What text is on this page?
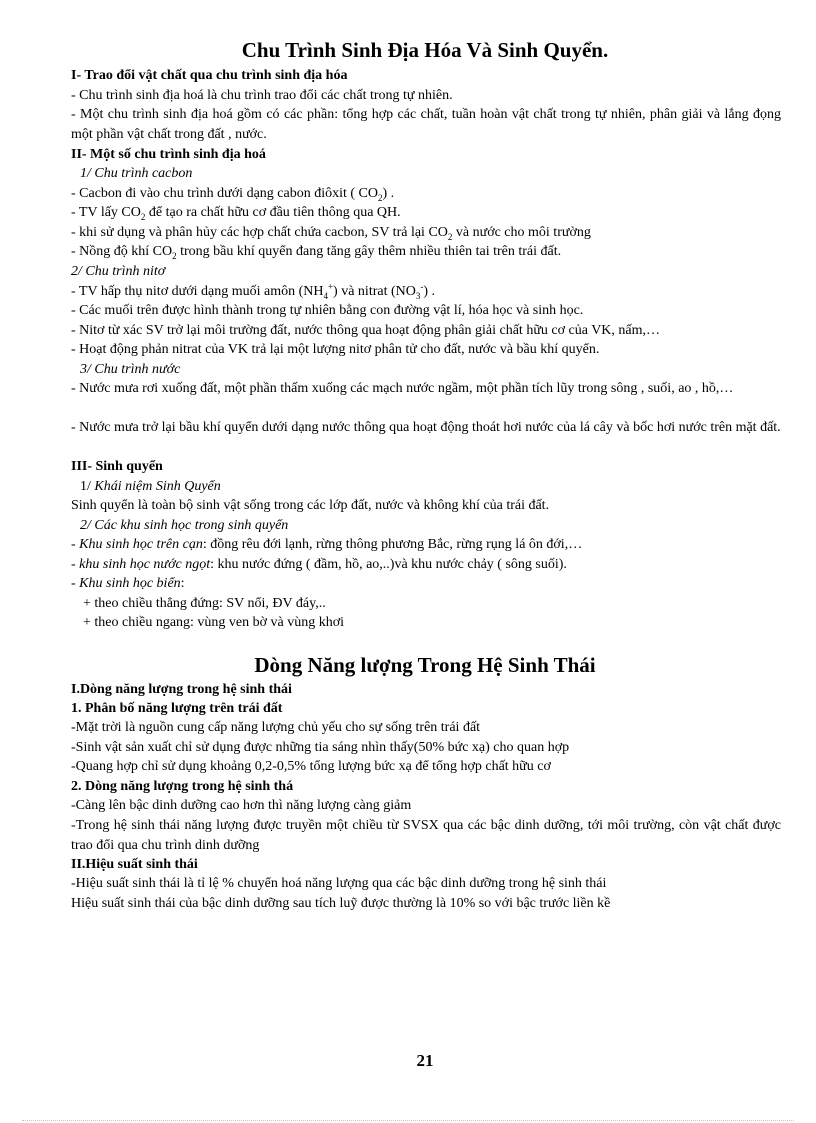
Chu Trình Sinh Địa Hóa Và Sinh Quyển.

I- Trao đổi vật chất qua chu trình sinh địa hóa

- Chu trình sinh địa hoá là chu trình trao đổi các chất trong tự nhiên.

- Một chu trình sinh địa hoá gồm có các phần: tổng hợp các chất, tuần hoàn vật chất trong tự nhiên, phân giải và lắng đọng một phần vật chất trong đất , nước.

II- Một số chu trình sinh địa hoá

1/ Chu trình cacbon

- Cacbon đi vào chu trình dưới dạng cabon điôxit ( $CO_2$) .

- TV lấy $CO_2$ để tạo ra chất hữu cơ đầu tiên thông qua QH.

- khi sử dụng và phân hủy các hợp chất chứa cacbon, SV trả lại $CO_2$ và nước cho môi trường

- Nồng độ khí $CO_2$ trong bầu khí quyển đang tăng gây thêm nhiều thiên tai trên trái đất.

2/ Chu trình nitơ

- TV hấp thụ nitơ dưới dạng muối amôn $(NH_4^+)$ và nitrat $(NO_3^-)$ .

- Các muối trên được hình thành trong tự nhiên bằng con đường vật lí, hóa học và sinh học.

- Nitơ từ xác SV trở lại môi trường đất, nước thông qua hoạt động phân giải chất hữu cơ của VK, nấm,…

- Hoạt động phản nitrat của VK trả lại một lượng nitơ phân tử cho đất, nước và bầu khí quyển.

3/ Chu trình nước

- Nước mưa rơi xuống đất, một phần thấm xuống các mạch nước ngầm, một phần tích lũy trong sông , suối, ao , hồ,…

- Nước mưa trở lại bầu khí quyển dưới dạng nước thông qua hoạt động thoát hơi nước của lá cây và bốc hơi nước trên mặt đất.

III- Sinh quyển

1/ Khái niệm Sinh Quyển

Sinh quyển là toàn bộ sinh vật sống trong các lớp đất, nước và không khí của trái đất.

2/ Các khu sinh học trong sinh quyển

- Khu sinh học trên cạn: đồng rêu đới lạnh, rừng thông phương Bắc, rừng rụng lá ôn đới,…

- khu sinh học nước ngọt: khu nước đứng ( đầm, hồ, ao,..)và khu nước chảy ( sông suối).

- Khu sinh học biển:

+ theo chiều thẳng đứng: SV nổi, ĐV đáy,..

+ theo chiều ngang: vùng ven bờ và vùng khơi

Dòng Năng lượng Trong Hệ Sinh Thái

I.Dòng năng lượng trong hệ sinh thái

1. Phân bố năng lượng trên trái đất

-Mặt trời là nguồn cung cấp năng lượng chủ yếu cho sự sống trên trái đất

-Sinh vật sản xuất chỉ sử dụng được những tia sáng nhìn thấy(50% bức xạ) cho quan hợp

-Quang hợp chỉ sử dụng khoảng 0,2-0,5% tổng lượng bức xạ để tổng hợp chất hữu cơ

2. Dòng năng lượng trong hệ sinh thá

-Càng lên bậc dinh dưỡng cao hơn thì năng lượng càng giảm

-Trong hệ sinh thái năng lượng được truyền một chiều từ SVSX qua các bậc dinh dưỡng, tới môi trường, còn vật chất được trao đổi qua chu trình dinh dưỡng

II.Hiệu suất sinh thái

-Hiệu suất sinh thái là tỉ lệ % chuyển hoá năng lượng qua các bậc dinh dưỡng trong hệ sinh thái

Hiệu suất sinh thái của bậc dinh dưỡng sau tích luỹ được thường là 10% so với bậc trước liền kề

21
